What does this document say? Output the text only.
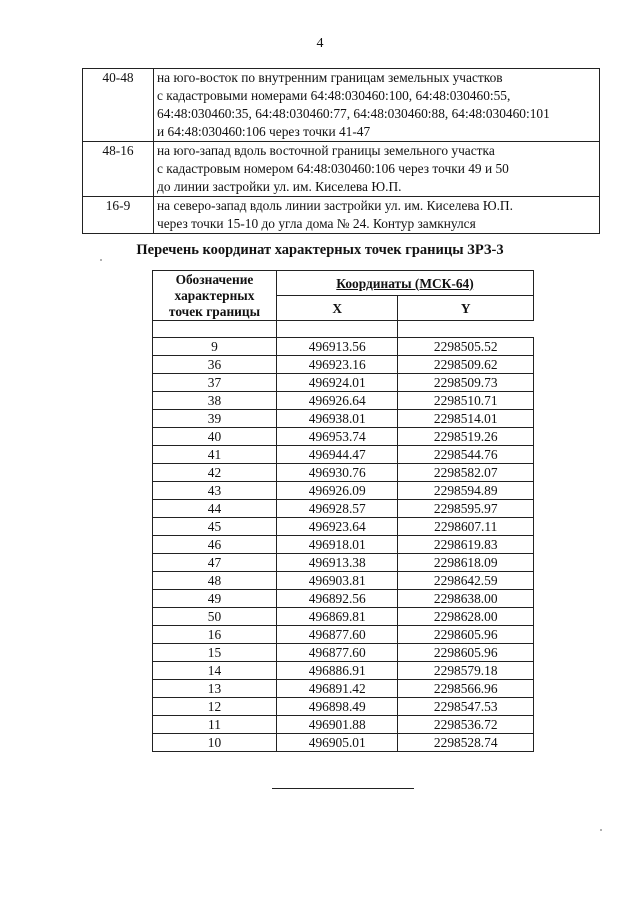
4
40-48	на юго-восток по внутренним границам земельных участков
с кадастровыми номерами 64:48:030460:100, 64:48:030460:55,
64:48:030460:35, 64:48:030460:77, 64:48:030460:88, 64:48:030460:101
и 64:48:030460:106 через точки 41-47

48-16	на юго-запад вдоль восточной границы земельного участка
с кадастровым номером 64:48:030460:106 через точки 49 и 50
до линии застройки ул. им. Киселева Ю.П.

16-9	на северо-запад вдоль линии застройки ул. им. Киселева Ю.П.
через точки 15-10 до угла дома № 24. Контур замкнулся
Перечень координат характерных точек границы ЗРЗ-3
Обозначение
характерных
точек границы	Координаты (МСК-64)	
	X	Y

9	496913.56	2298505.52
36	496923.16	2298509.62
37	496924.01	2298509.73
38	496926.64	2298510.71
39	496938.01	2298514.01
40	496953.74	2298519.26
41	496944.47	2298544.76
42	496930.76	2298582.07
43	496926.09	2298594.89
44	496928.57	2298595.97
45	496923.64	2298607.11
46	496918.01	2298619.83
47	496913.38	2298618.09
48	496903.81	2298642.59
49	496892.56	2298638.00
50	496869.81	2298628.00
16	496877.60	2298605.96
15	496877.60	2298605.96
14	496886.91	2298579.18
13	496891.42	2298566.96
12	496898.49	2298547.53
11	496901.88	2298536.72
10	496905.01	2298528.74
